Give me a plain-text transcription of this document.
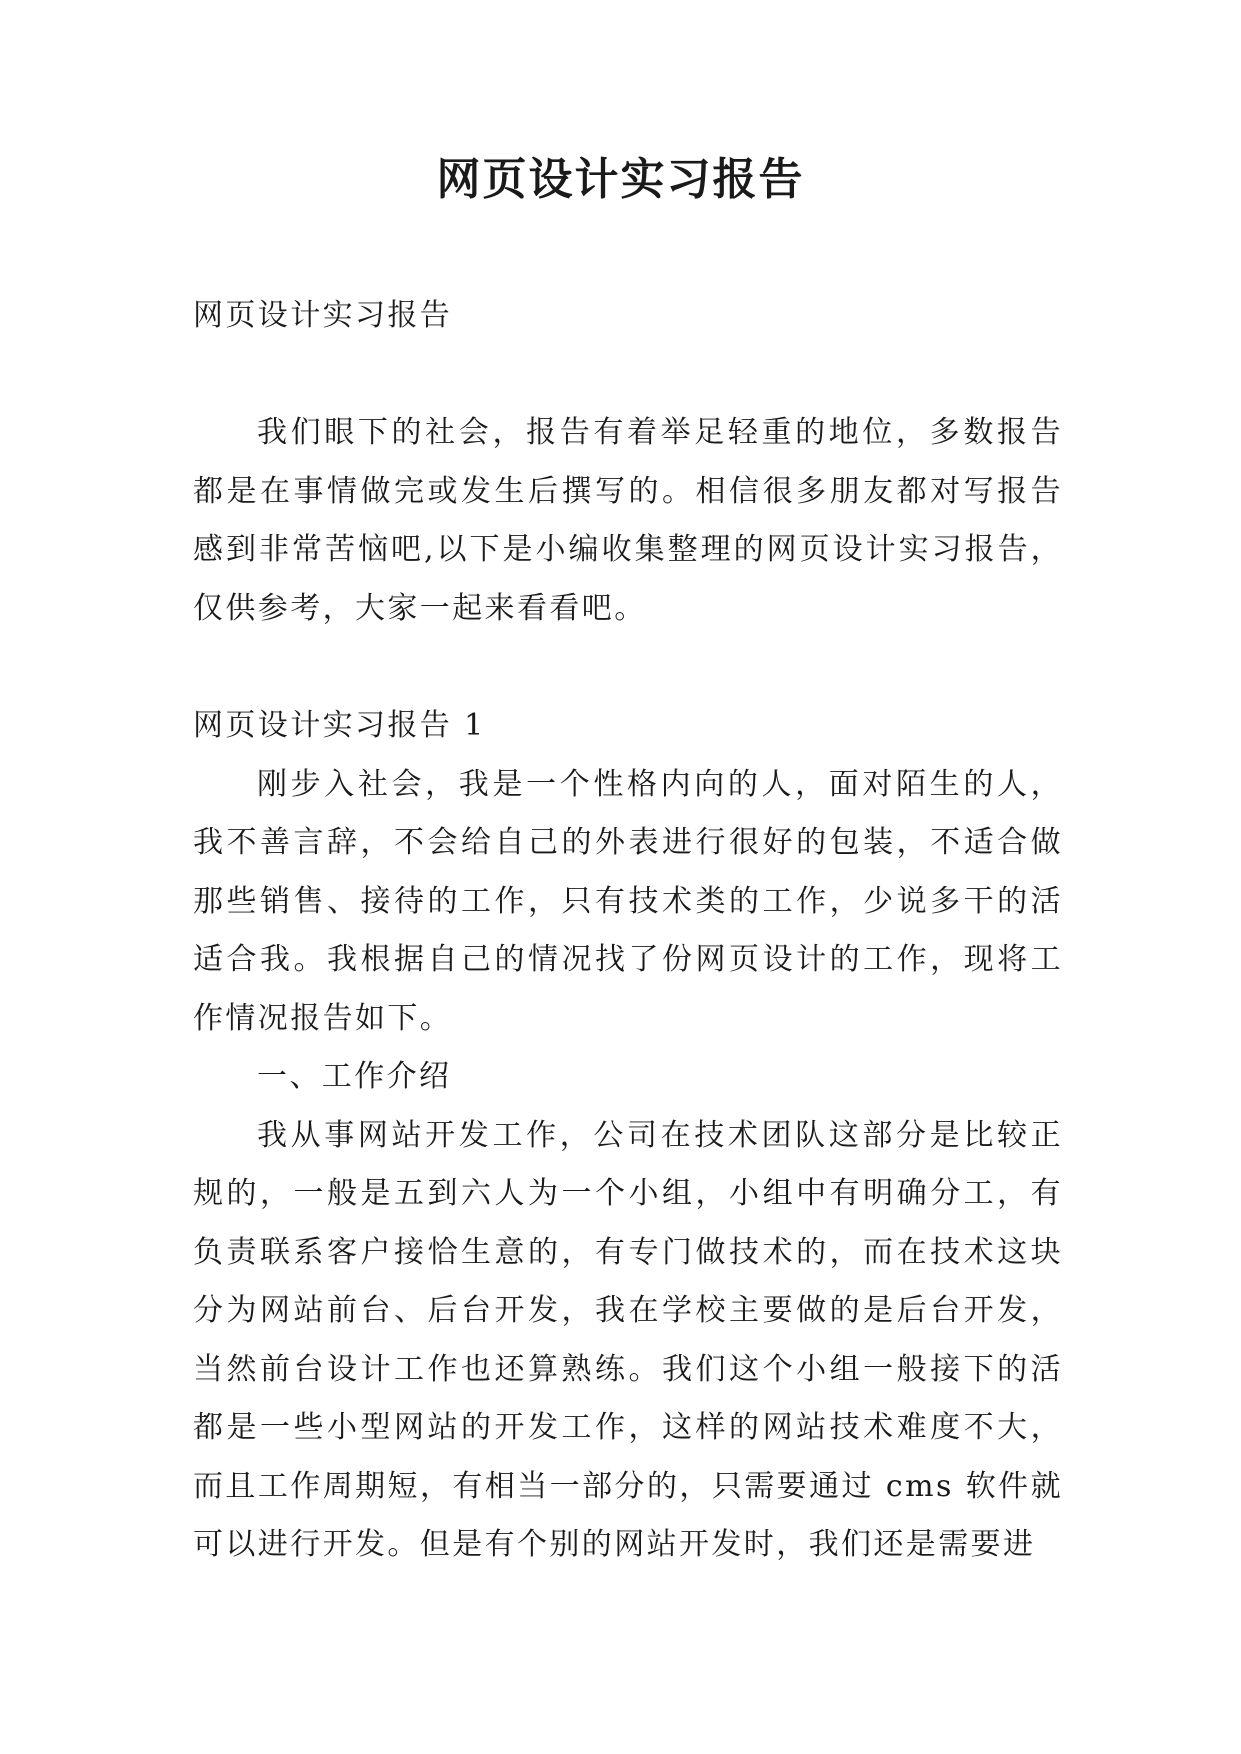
网页设计实习报告

网页设计实习报告

我们眼下的社会，报告有着举足轻重的地位，多数报告都是在事情做完或发生后撰写的。相信很多朋友都对写报告感到非常苦恼吧,以下是小编收集整理的网页设计实习报告，仅供参考，大家一起来看看吧。

网页设计实习报告 1

刚步入社会，我是一个性格内向的人，面对陌生的人，我不善言辞，不会给自己的外表进行很好的包装，不适合做那些销售、接待的工作，只有技术类的工作，少说多干的活适合我。我根据自己的情况找了份网页设计的工作，现将工作情况报告如下。

一、工作介绍

我从事网站开发工作，公司在技术团队这部分是比较正规的，一般是五到六人为一个小组，小组中有明确分工，有负责联系客户接恰生意的，有专门做技术的，而在技术这块分为网站前台、后台开发，我在学校主要做的是后台开发，当然前台设计工作也还算熟练。我们这个小组一般接下的活都是一些小型网站的开发工作，这样的网站技术难度不大，而且工作周期短，有相当一部分的，只需要通过 cms 软件就可以进行开发。但是有个别的网站开发时，我们还是需要进
